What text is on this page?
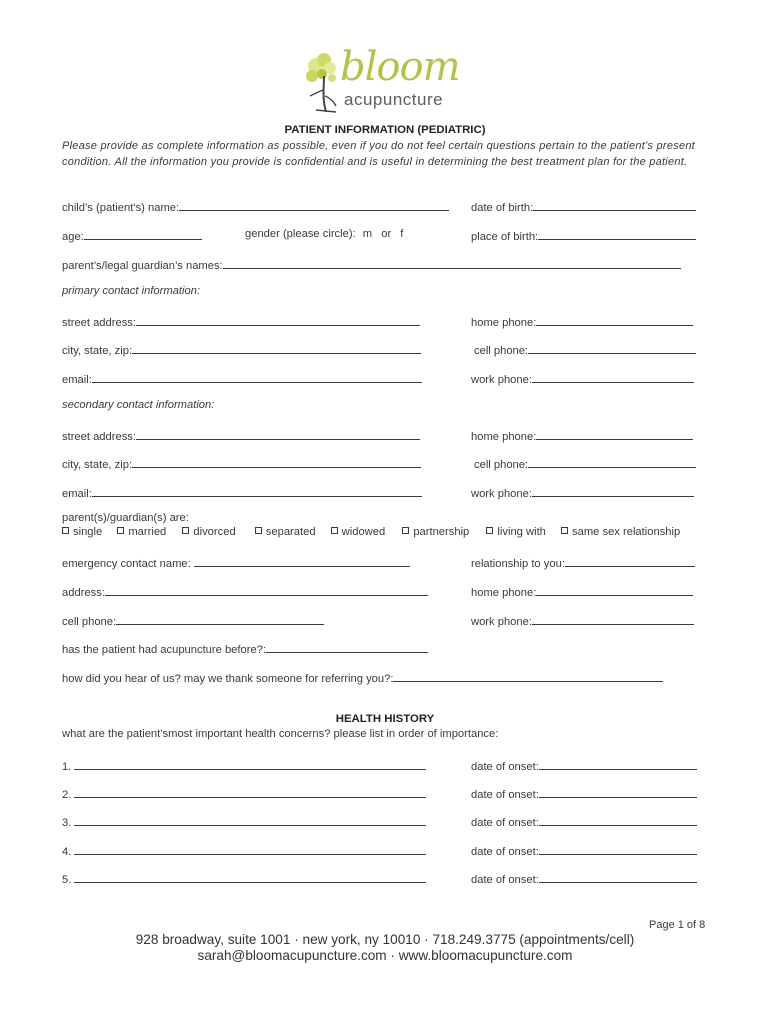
bloom
acupuncture
PATIENT INFORMATION (PEDIATRIC)
Please provide as complete information as possible, even if you do not feel certain questions pertain to the patient’s present condition. All the information you provide is confidential and is useful in determining the best treatment plan for the patient.
child’s (patient’s) name:	date of birth:
age:	gender (please circle): m or f	place of birth:
parent’s/legal guardian’s names:
primary contact information:
street address:	home phone:
city, state, zip:	cell phone:
email:	work phone:
secondary contact information:
street address:	home phone:
city, state, zip:	cell phone:
email:	work phone:
parent(s)/guardian(s) are:
single married divorced	separated widowed	partnership	living with same sex relationship
emergency contact name:	relationship to you:
address:	home phone:
cell phone:	work phone:
has the patient had acupuncture before?:
how did you hear of us? may we thank someone for referring you?:
HEALTH HISTORY
what are the patient’smost important health concerns? please list in order of importance:
1.	date of onset:
2.	date of onset:
3.	date of onset:
4.	date of onset:
5.	date of onset:
Page 1 of 8
928 broadway, suite 1001 · new york, ny 10010 · 718.249.3775 (appointments/cell)
sarah@bloomacupuncture.com · www.bloomacupuncture.com
